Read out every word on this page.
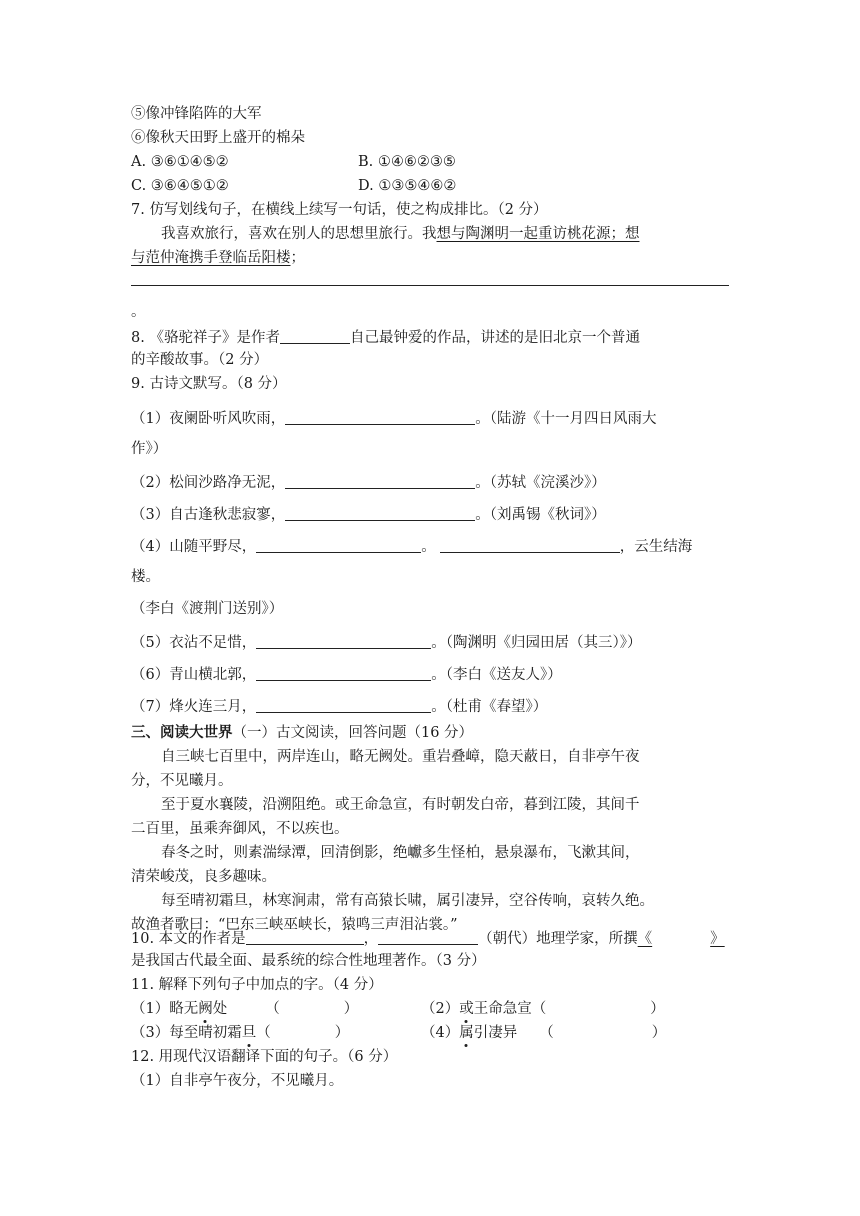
⑤像冲锋陷阵的大军
⑥像秋天田野上盛开的棉朵
A. ③⑥①④⑤②	B. ①④⑥②③⑤
C. ③⑥④⑤①②	D. ①③⑤④⑥②
7. 仿写划线句子，在横线上续写一句话，使之构成排比。（2 分）
我喜欢旅行，喜欢在别人的思想里旅行。我想与陶渊明一起重访桃花源；想
与范仲淹携手登临岳阳楼；
。
8. 《骆驼祥子》是作者	自己最钟爱的作品，讲述的是旧北京一个普通
的辛酸故事。（2 分）
9. 古诗文默写。（8 分）
（1）夜阑卧听风吹雨，	。（陆游《十一月四日风雨大
作》）
（2）松间沙路净无泥，	。（苏轼《浣溪沙》）
（3）自古逢秋悲寂寥，	。（刘禹锡《秋词》）
（4）山随平野尽，	。	，云生结海
楼。
（李白《渡荆门送别》）
（5）衣沾不足惜，	。（陶渊明《归园田居（其三）》）
（6）青山横北郭，	。（李白《送友人》）
（7）烽火连三月，	。（杜甫《春望》）
三、阅读大世界（一）古文阅读，回答问题（16 分）
自三峡七百里中，两岸连山，略无阙处。重岩叠嶂，隐天蔽日，自非亭午夜
分，不见曦月。
至于夏水襄陵，沿溯阻绝。或王命急宣，有时朝发白帝，暮到江陵，其间千
二百里，虽乘奔御风，不以疾也。
春冬之时，则素湍绿潭，回清倒影，绝巘多生怪柏，悬泉瀑布，飞漱其间，
清荣峻茂，良多趣味。
每至晴初霜旦，林寒涧肃，常有高猿长啸，属引凄异，空谷传响，哀转久绝。
故渔者歌曰：“巴东三峡巫峡长，猿鸣三声泪沾裳。”
10. 本文的作者是	，	（朝代）地理学家，所撰《	》
是我国古代最全面、最系统的综合性地理著作。（3 分）
11. 解释下列句子中加点的字。（4 分）
（1）略无阙处	（	）	（2）或王命急宣（	）
（3）每至晴初霜旦（	）	（4）属引凄异 （	）
12. 用现代汉语翻译下面的句子。（6 分）
（1）自非亭午夜分，不见曦月。
